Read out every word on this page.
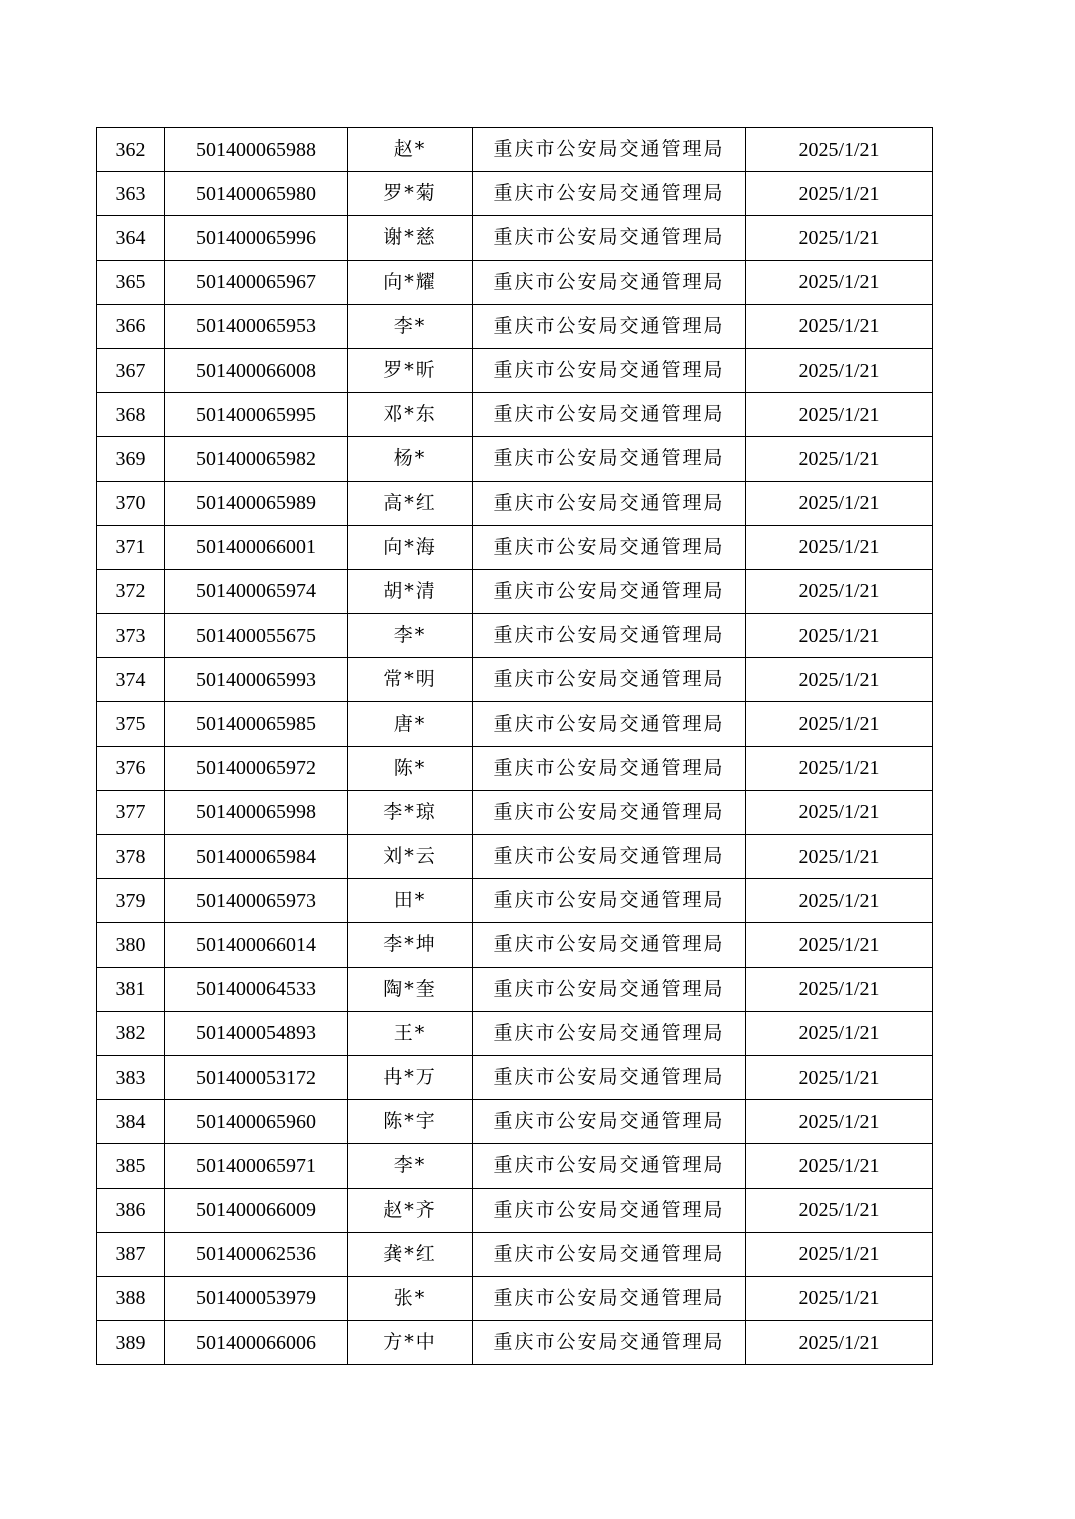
362	501400065988	赵*	重庆市公安局交通管理局	2025/1/21
363	501400065980	罗*菊	重庆市公安局交通管理局	2025/1/21
364	501400065996	谢*慈	重庆市公安局交通管理局	2025/1/21
365	501400065967	向*耀	重庆市公安局交通管理局	2025/1/21
366	501400065953	李*	重庆市公安局交通管理局	2025/1/21
367	501400066008	罗*昕	重庆市公安局交通管理局	2025/1/21
368	501400065995	邓*东	重庆市公安局交通管理局	2025/1/21
369	501400065982	杨*	重庆市公安局交通管理局	2025/1/21
370	501400065989	高*红	重庆市公安局交通管理局	2025/1/21
371	501400066001	向*海	重庆市公安局交通管理局	2025/1/21
372	501400065974	胡*清	重庆市公安局交通管理局	2025/1/21
373	501400055675	李*	重庆市公安局交通管理局	2025/1/21
374	501400065993	常*明	重庆市公安局交通管理局	2025/1/21
375	501400065985	唐*	重庆市公安局交通管理局	2025/1/21
376	501400065972	陈*	重庆市公安局交通管理局	2025/1/21
377	501400065998	李*琼	重庆市公安局交通管理局	2025/1/21
378	501400065984	刘*云	重庆市公安局交通管理局	2025/1/21
379	501400065973	田*	重庆市公安局交通管理局	2025/1/21
380	501400066014	李*坤	重庆市公安局交通管理局	2025/1/21
381	501400064533	陶*奎	重庆市公安局交通管理局	2025/1/21
382	501400054893	王*	重庆市公安局交通管理局	2025/1/21
383	501400053172	冉*万	重庆市公安局交通管理局	2025/1/21
384	501400065960	陈*宇	重庆市公安局交通管理局	2025/1/21
385	501400065971	李*	重庆市公安局交通管理局	2025/1/21
386	501400066009	赵*齐	重庆市公安局交通管理局	2025/1/21
387	501400062536	龚*红	重庆市公安局交通管理局	2025/1/21
388	501400053979	张*	重庆市公安局交通管理局	2025/1/21
389	501400066006	方*中	重庆市公安局交通管理局	2025/1/21
